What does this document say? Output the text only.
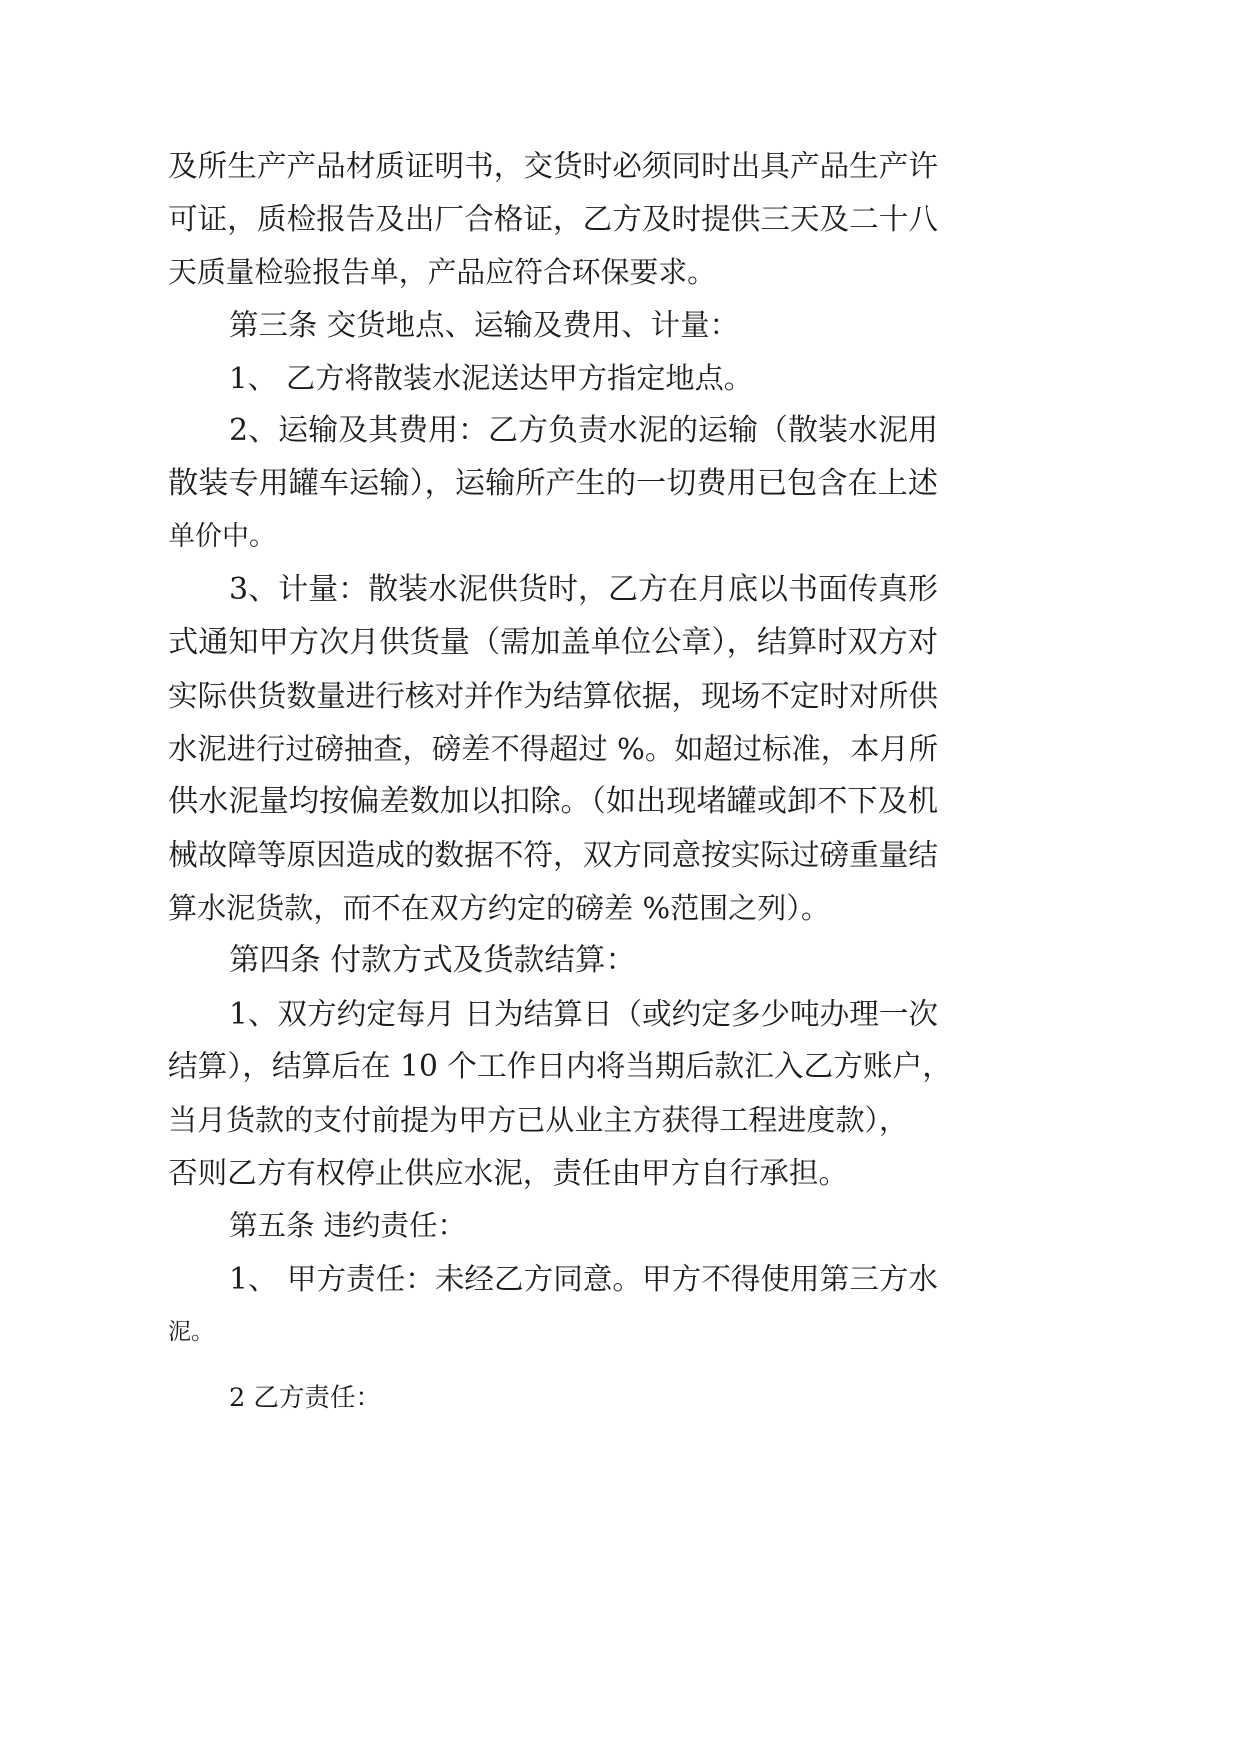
及所生产产品材质证明书，交货时必须同时出具产品生产许
可证，质检报告及出厂合格证，乙方及时提供三天及二十八
天质量检验报告单，产品应符合环保要求。
第三条 交货地点、运输及费用、计量：
1、 乙方将散装水泥送达甲方指定地点。
2、运输及其费用：乙方负责水泥的运输（散装水泥用
散装专用罐车运输），运输所产生的一切费用已包含在上述
单价中。
3、计量：散装水泥供货时，乙方在月底以书面传真形
式通知甲方次月供货量（需加盖单位公章），结算时双方对
实际供货数量进行核对并作为结算依据，现场不定时对所供
水泥进行过磅抽查，磅差不得超过 %。如超过标准，本月所
供水泥量均按偏差数加以扣除。（如出现堵罐或卸不下及机
械故障等原因造成的数据不符，双方同意按实际过磅重量结
算水泥货款，而不在双方约定的磅差 %范围之列）。
第四条 付款方式及货款结算：
1、双方约定每月 日为结算日（或约定多少吨办理一次
结算），结算后在 10 个工作日内将当期后款汇入乙方账户，
当月货款的支付前提为甲方已从业主方获得工程进度款），
否则乙方有权停止供应水泥，责任由甲方自行承担。
第五条 违约责任：
1、 甲方责任：未经乙方同意。甲方不得使用第三方水
泥。
2 乙方责任：
